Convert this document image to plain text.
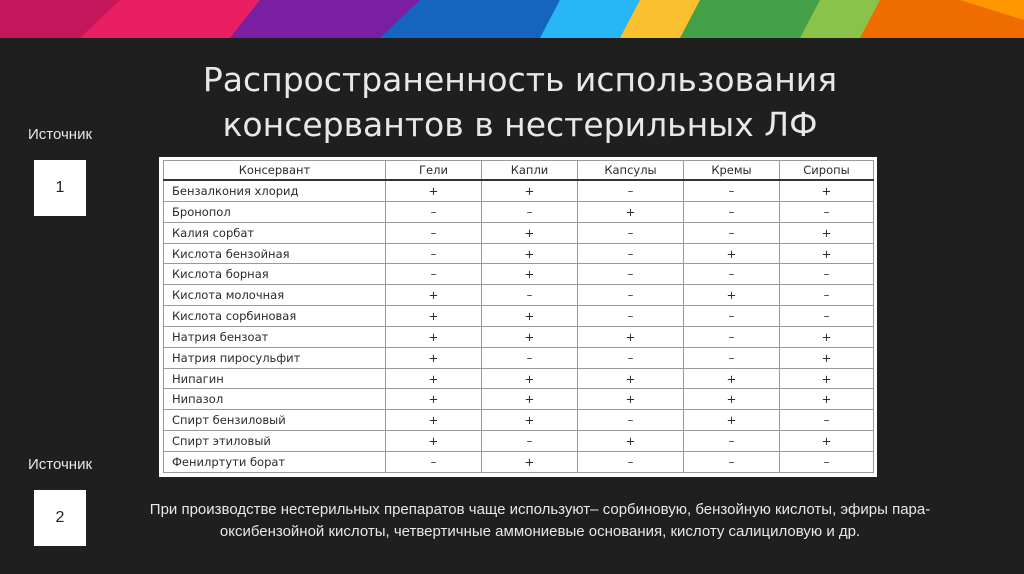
Распространенность использования
консервантов в нестерильных ЛФ
Источник
1
Источник
2
Консервант	Гели	Капли	Капсулы	Кремы	Сиропы
Бензалкония хлорид	+	+	–	–	+
Бронопол	–	–	+	–	–
Калия сорбат	–	+	–	–	+
Кислота бензойная	–	+	–	+	+
Кислота борная	–	+	–	–	–
Кислота молочная	+	–	–	+	–
Кислота сорбиновая	+	+	–	–	–
Натрия бензоат	+	+	+	–	+
Натрия пиросульфит	+	–	–	–	+
Нипагин	+	+	+	+	+
Нипазол	+	+	+	+	+
Спирт бензиловый	+	+	–	+	–
Спирт этиловый	+	–	+	–	+
Фенилртути борат	–	+	–	–	–
При производстве нестерильных препаратов чаще используют– сорбиновую, бензойную кислоты, эфиры пара-оксибензойной кислоты, четвертичные аммониевые основания, кислоту салициловую и др.
